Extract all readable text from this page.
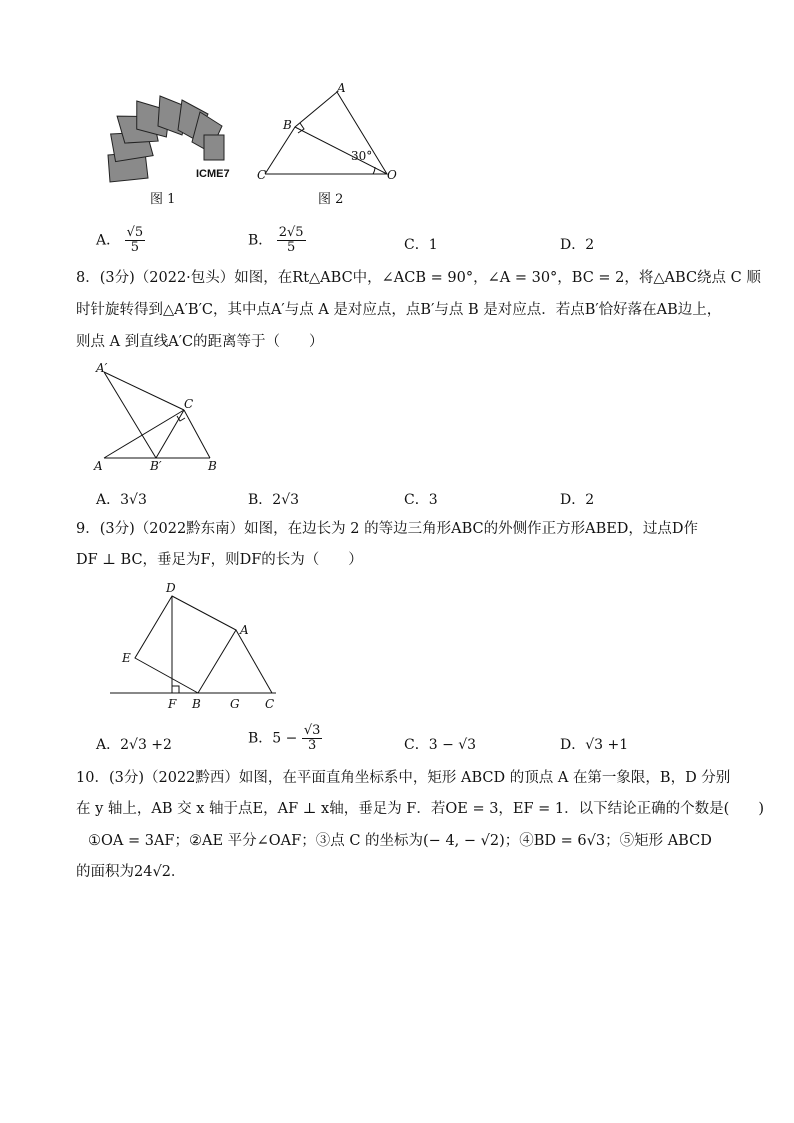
ICME7
图 1
A
B
C	O
30°
图 2
A． $\frac{√5}{5}$	B． $\frac{2√5}{5}$	C．1	D．2
8．(3分)（2022·包头）如图，在Rt△ABC中，∠ACB = 90°，∠A = 30°，BC = 2，将△ABC绕点 C 顺
时针旋转得到△A′B′C，其中点A′与点 A 是对应点，点B′与点 B 是对应点．若点B′恰好落在AB边上，
则点 A 到直线A′C的距离等于（　　）
A′
C
A	B′	B
A．3√3	B．2√3	C．3	D．2
9．(3分)（2022黔东南）如图，在边长为 2 的等边三角形ABC的外侧作正方形ABED，过点D作
DF ⊥ BC，垂足为F，则DF的长为（　　）
D
A
E
F B G C
A．2√3 +2	B．$5 - \frac{√3}{3}$	C．3 − √3	D．√3 +1
10．(3分)（2022黔西）如图，在平面直角坐标系中，矩形 ABCD 的顶点 A 在第一象限，B，D 分别
在 y 轴上，AB 交 x 轴于点E，AF ⊥ x轴，垂足为 F．若OE = 3，EF = 1．以下结论正确的个数是(　　)
①OA = 3AF；②AE 平分∠OAF；③点 C 的坐标为(− 4, − √2)；④BD = 6√3；⑤矩形 ABCD
的面积为24√2．
